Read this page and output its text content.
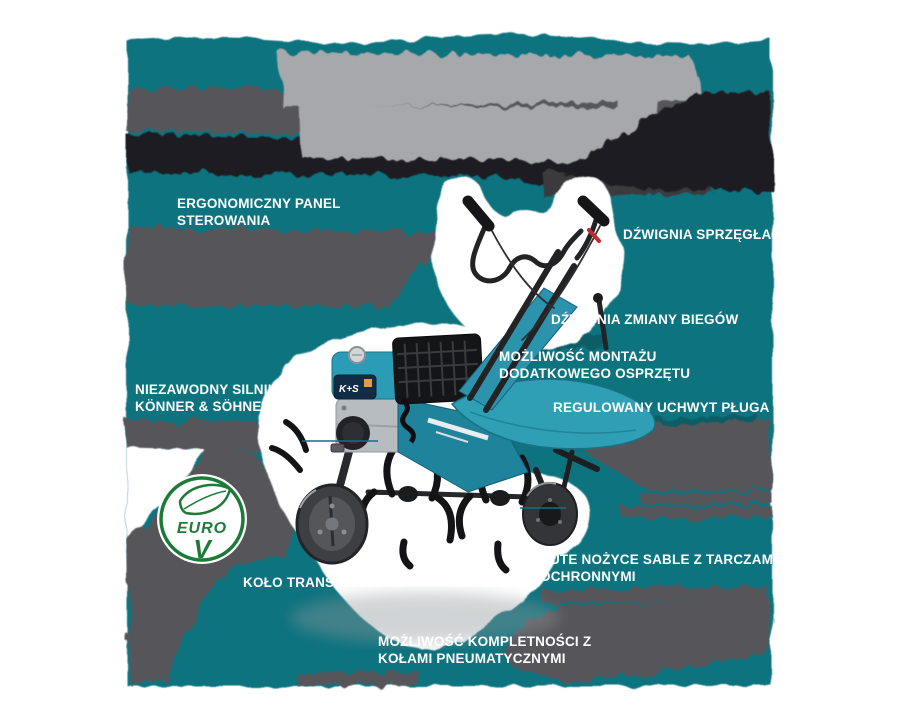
K+S
ERGONOMICZNY PANEL
STEROWANIA
DŹWIGNIA SPRZĘGŁA
DŹWIGNIA ZMIANY BIEGÓW
MOŻLIWOŚĆ MONTAŻU
DODATKOWEGO OSPRZĘTU
REGULOWANY UCHWYT PŁUGA
NIEZAWODNY SILNIK MARKI
KÖNNER & SÖHNEN
KOŁO TRANSPORTOWE
KUTE NOŻYCE SABLE Z TARCZAMI
OCHRONNYMI
MOŻLIWOŚĆ KOMPLETNOŚCI Z
KOŁAMI PNEUMATYCZNYMI
EURO
V
